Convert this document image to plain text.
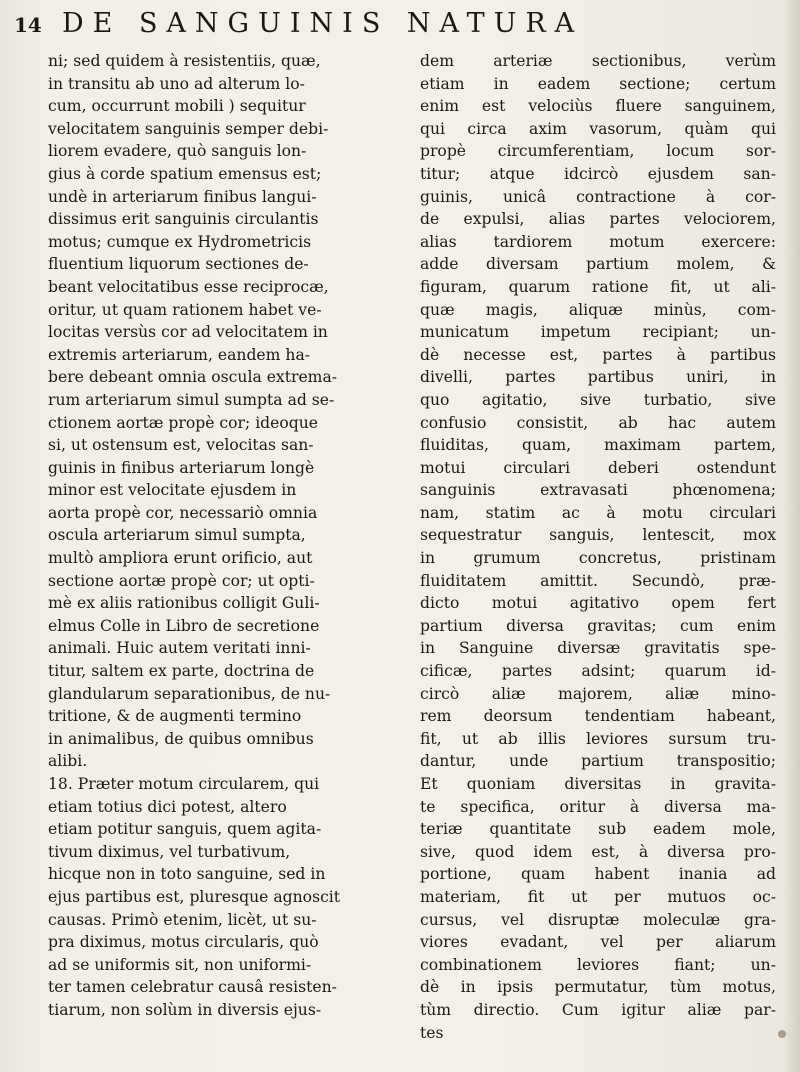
14 DE SANGUINIS NATURA
ni; sed quidem à resistentiis, quæ,
in transitu ab uno ad alterum lo-
cum, occurrunt mobili ) sequitur
velocitatem sanguinis semper debi-
liorem evadere, quò sanguis lon-
gius à corde spatium emensus est;
undè in arteriarum finibus langui-
dissimus erit sanguinis circulantis
motus; cumque ex Hydrometricis
fluentium liquorum sectiones de-
beant velocitatibus esse reciprocæ,
oritur, ut quam rationem habet ve-
locitas versùs cor ad velocitatem in
extremis arteriarum, eandem ha-
bere debeant omnia oscula extrema-
rum arteriarum simul sumpta ad se-
ctionem aortæ propè cor; ideoque
si, ut ostensum est, velocitas san-
guinis in finibus arteriarum longè
minor est velocitate ejusdem in
aorta propè cor, necessariò omnia
oscula arteriarum simul sumpta,
multò ampliora erunt orificio, aut
sectione aortæ propè cor; ut opti-
mè ex aliis rationibus colligit Guli-
elmus Colle in Libro de secretione
animali. Huic autem veritati inni-
titur, saltem ex parte, doctrina de
glandularum separationibus, de nu-
tritione, & de augmenti termino
in animalibus, de quibus omnibus
alibi.
18. Præter motum circularem, qui
etiam totius dici potest, altero
etiam potitur sanguis, quem agita-
tivum diximus, vel turbativum,
hicque non in toto sanguine, sed in
ejus partibus est, pluresque agnoscit
causas. Primò etenim, licèt, ut su-
pra diximus, motus circularis, quò
ad se uniformis sit, non uniformi-
ter tamen celebratur causâ resisten-
tiarum, non solùm in diversis ejus-
dem arteriæ sectionibus, verùm
etiam in eadem sectione; certum
enim est velociùs fluere sanguinem,
qui circa axim vasorum, quàm qui
propè circumferentiam, locum sor-
titur; atque idcircò ejusdem san-
guinis, unicâ contractione à cor-
de expulsi, alias partes velociorem,
alias tardiorem motum exercere:
adde diversam partium molem, &
figuram, quarum ratione fit, ut ali-
quæ magis, aliquæ minùs, com-
municatum impetum recipiant; un-
dè necesse est, partes à partibus
divelli, partes partibus uniri, in
quo agitatio, sive turbatio, sive
confusio consistit, ab hac autem
fluiditas, quam, maximam partem,
motui circulari deberi ostendunt
sanguinis extravasati phœnomena;
nam, statim ac à motu circulari
sequestratur sanguis, lentescit, mox
in grumum concretus, pristinam
fluiditatem amittit. Secundò, præ-
dicto motui agitativo opem fert
partium diversa gravitas; cum enim
in Sanguine diversæ gravitatis spe-
cificæ, partes adsint; quarum id-
circò aliæ majorem, aliæ mino-
rem deorsum tendentiam habeant,
fit, ut ab illis leviores sursum tru-
dantur, unde partium transpositio;
Et quoniam diversitas in gravita-
te specifica, oritur à diversa ma-
teriæ quantitate sub eadem mole,
sive, quod idem est, à diversa pro-
portione, quam habent inania ad
materiam, fit ut per mutuos oc-
cursus, vel disruptæ moleculæ gra-
viores evadant, vel per aliarum
combinationem leviores fiant; un-
dè in ipsis permutatur, tùm motus,
tùm directio. Cum igitur aliæ par-
tes
